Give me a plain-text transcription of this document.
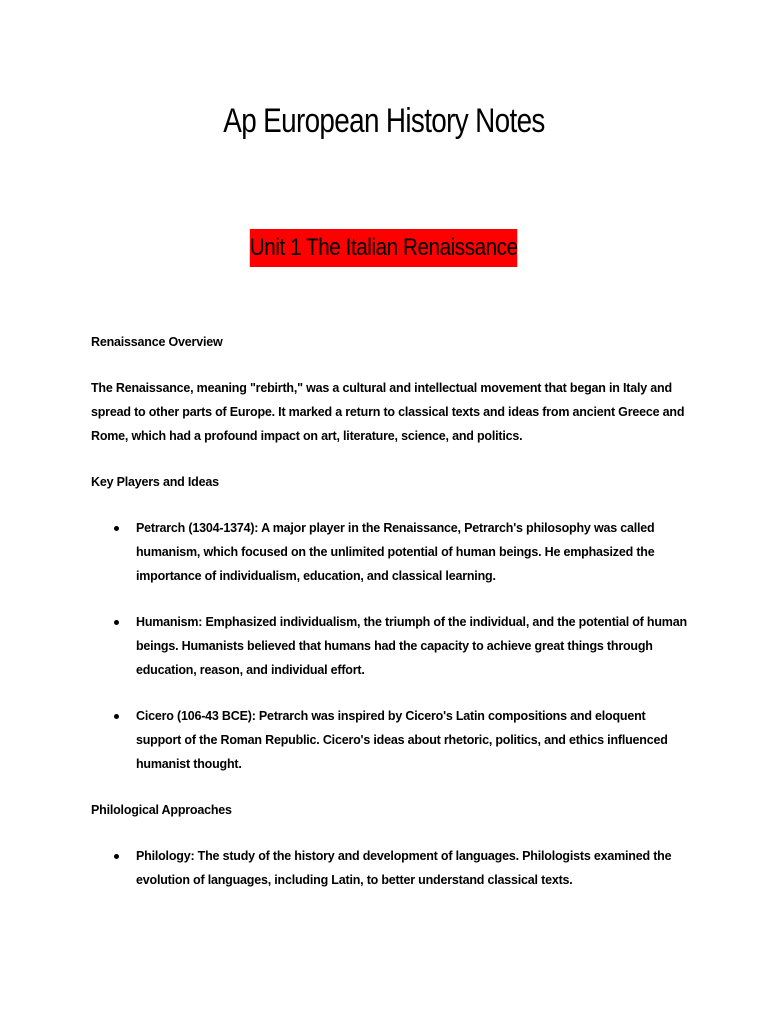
Ap European History Notes
Unit 1 The Italian Renaissance
Renaissance Overview
The Renaissance, meaning "rebirth," was a cultural and intellectual movement that began in Italy and spread to other parts of Europe. It marked a return to classical texts and ideas from ancient Greece and Rome, which had a profound impact on art, literature, science, and politics.
Key Players and Ideas
Petrarch (1304-1374): A major player in the Renaissance, Petrarch's philosophy was called humanism, which focused on the unlimited potential of human beings. He emphasized the importance of individualism, education, and classical learning.
Humanism: Emphasized individualism, the triumph of the individual, and the potential of human beings. Humanists believed that humans had the capacity to achieve great things through education, reason, and individual effort.
Cicero (106-43 BCE): Petrarch was inspired by Cicero's Latin compositions and eloquent support of the Roman Republic. Cicero's ideas about rhetoric, politics, and ethics influenced humanist thought.
Philological Approaches
Philology: The study of the history and development of languages. Philologists examined the evolution of languages, including Latin, to better understand classical texts.
